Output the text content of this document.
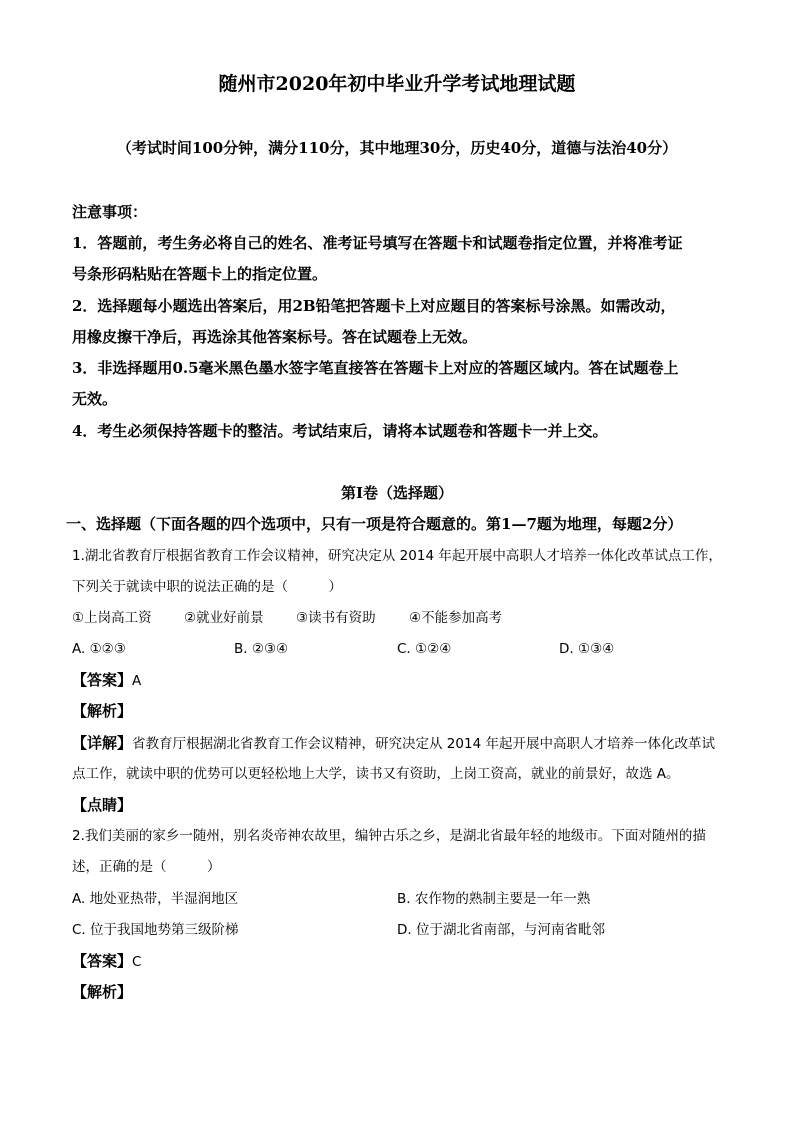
随州市2020年初中毕业升学考试地理试题
（考试时间100分钟，满分110分，其中地理30分，历史40分，道德与法治40分）
注意事项：
1．答题前，考生务必将自己的姓名、准考证号填写在答题卡和试题卷指定位置，并将准考证
号条形码粘贴在答题卡上的指定位置。
2．选择题每小题选出答案后，用2B铅笔把答题卡上对应题目的答案标号涂黑。如需改动，
用橡皮擦干净后，再选涂其他答案标号。答在试题卷上无效。
3．非选择题用0.5毫米黑色墨水签字笔直接答在答题卡上对应的答题区域内。答在试题卷上
无效。
4．考生必须保持答题卡的整洁。考试结束后，请将本试题卷和答题卡一并上交。
第Ⅰ卷（选择题）
一、选择题（下面各题的四个选项中，只有一项是符合题意的。第1—7题为地理，每题2分）
1.湖北省教育厅根据省教育工作会议精神，研究决定从 2014 年起开展中高职人才培养一体化改革试点工作，
下列关于就读中职的说法正确的是（　　　）
①上岗高工资 ②就业好前景 ③读书有资助 ④不能参加高考
A. ①②③	B. ②③④	C. ①②④	D. ①③④
【答案】A
【解析】
【详解】省教育厅根据湖北省教育工作会议精神，研究决定从 2014 年起开展中高职人才培养一体化改革试
点工作，就读中职的优势可以更轻松地上大学，读书又有资助，上岗工资高，就业的前景好，故选 A。
【点睛】
2.我们美丽的家乡一随州，别名炎帝神农故里，编钟古乐之乡，是湖北省最年轻的地级市。下面对随州的描
述，正确的是（　　　）
A. 地处亚热带，半湿润地区	B. 农作物的熟制主要是一年一熟
C. 位于我国地势第三级阶梯	D. 位于湖北省南部，与河南省毗邻
【答案】C
【解析】
